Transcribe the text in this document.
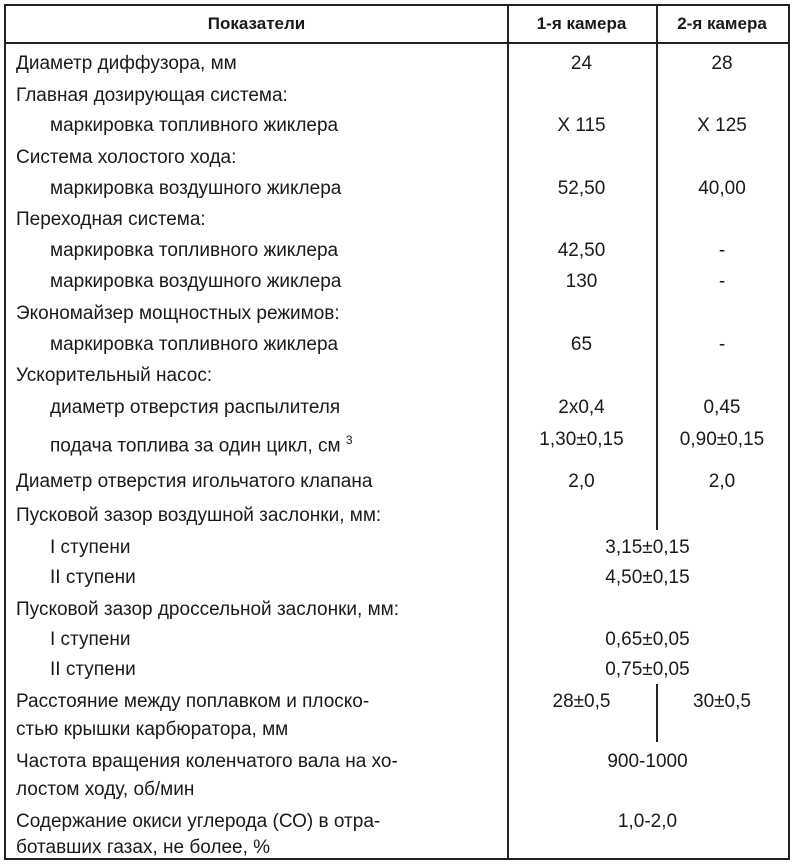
Показатели	1-я камера	2-я камера
Диаметр диффузора, мм	24	28
Главная дозирующая система:
маркировка топливного жиклера	Х 115	Х 125
Система холостого хода:
маркировка воздушного жиклера	52,50	40,00
Переходная система:
маркировка топливного жиклера	42,50	-
маркировка воздушного жиклера	130	-
Экономайзер мощностных режимов:
маркировка топливного жиклера	65	-
Ускорительный насос:
диаметр отверстия распылителя	2x0,4	0,45
подача топлива за один цикл, см $^3$	1,30±0,15	0,90±0,15
Диаметр отверстия игольчатого клапана	2,0	2,0
Пусковой зазор воздушной заслонки, мм:
I ступени	3,15±0,15
II ступени	4,50±0,15
Пусковой зазор дроссельной заслонки, мм:
I ступени	0,65±0,05
II ступени	0,75±0,05
Расстояние между поплавком и плоско-	28±0,5	30±0,5
стью крышки карбюратора, мм
Частота вращения коленчатого вала на хо-	900-1000
лостом ходу, об/мин
Содержание окиси углерода (СО) в отра-	1,0-2,0
ботавших газах, не более, %
